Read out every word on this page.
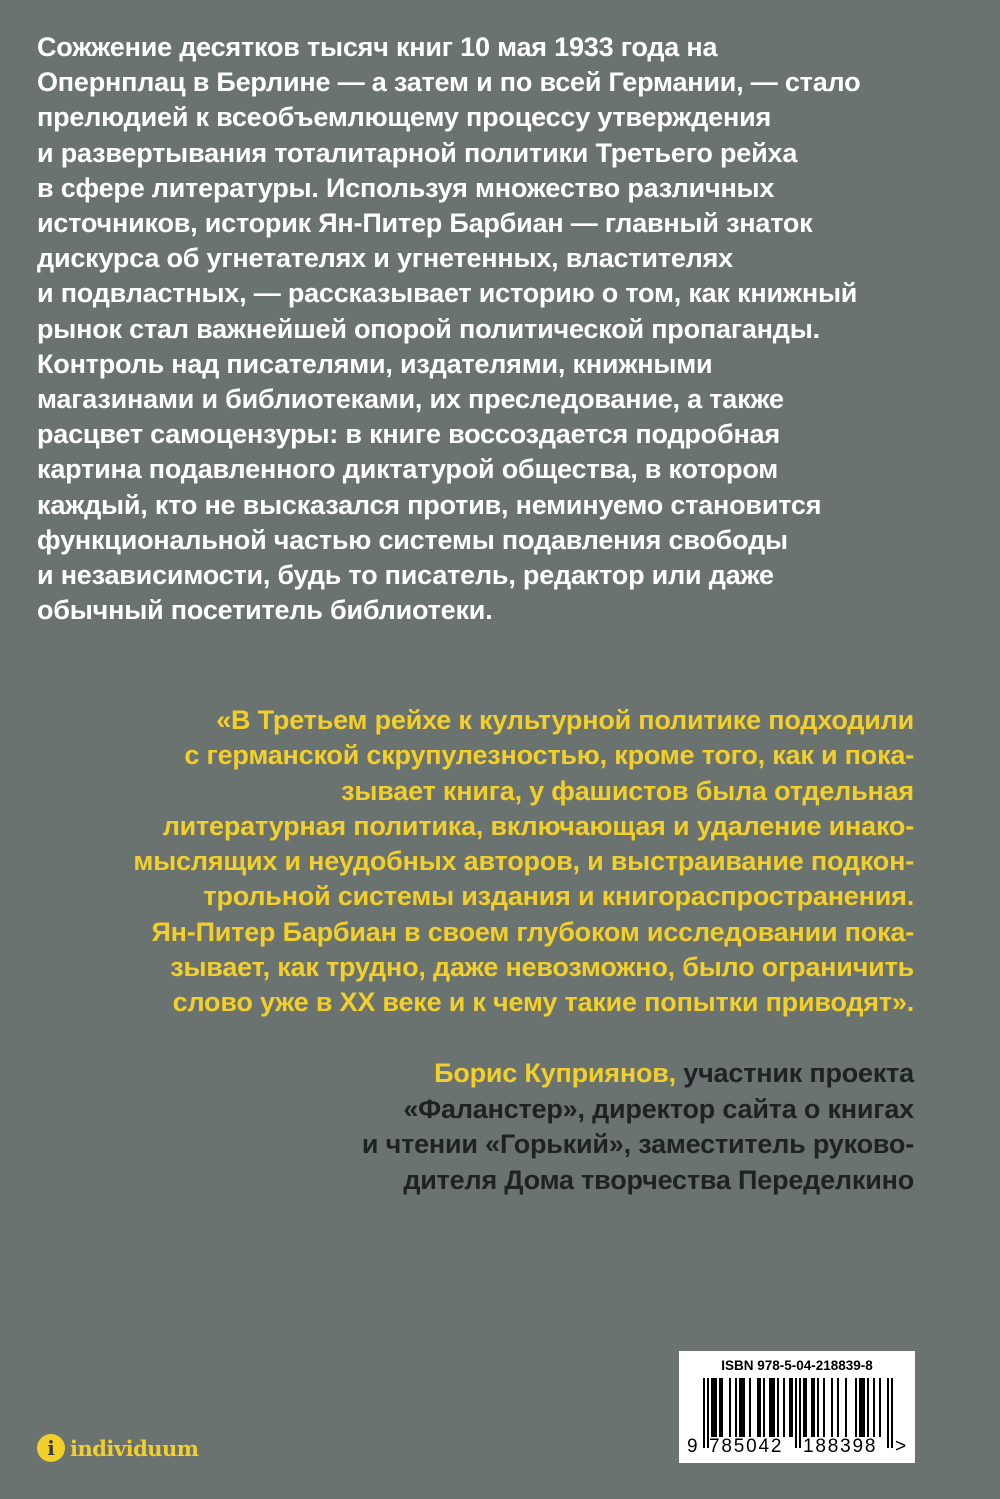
Сожжение десятков тысяч книг 10 мая 1933 года на
Опернплац в Берлине — а затем и по всей Германии, — стало
прелюдией к всеобъемлющему процессу утверждения
и развертывания тоталитарной политики Третьего рейха
в сфере литературы. Используя множество различных
источников, историк Ян-Питер Барбиан — главный знаток
дискурса об угнетателях и угнетенных, властителях
и подвластных, — рассказывает историю о том, как книжный
рынок стал важнейшей опорой политической пропаганды.
Контроль над писателями, издателями, книжными
магазинами и библиотеками, их преследование, а также
расцвет самоцензуры: в книге воссоздается подробная
картина подавленного диктатурой общества, в котором
каждый, кто не высказался против, неминуемо становится
функциональной частью системы подавления свободы
и независимости, будь то писатель, редактор или даже
обычный посетитель библиотеки.
«В Третьем рейхе к культурной политике подходили
с германской скрупулезностью, кроме того, как и пока-
зывает книга, у фашистов была отдельная
литературная политика, включающая и удаление инако-
мыслящих и неудобных авторов, и выстраивание подкон-
трольной системы издания и книгораспространения.
Ян-Питер Барбиан в своем глубоком исследовании пока-
зывает, как трудно, даже невозможно, было ограничить
слово уже в XX веке и к чему такие попытки приводят».
Борис Куприянов, участник проекта
«Фаланстер», директор сайта о книгах
и чтении «Горький», заместитель руково-
дителя Дома творчества Переделкино
i individuum
ISBN 978-5-04-218839-8
9 785042 188398 >
